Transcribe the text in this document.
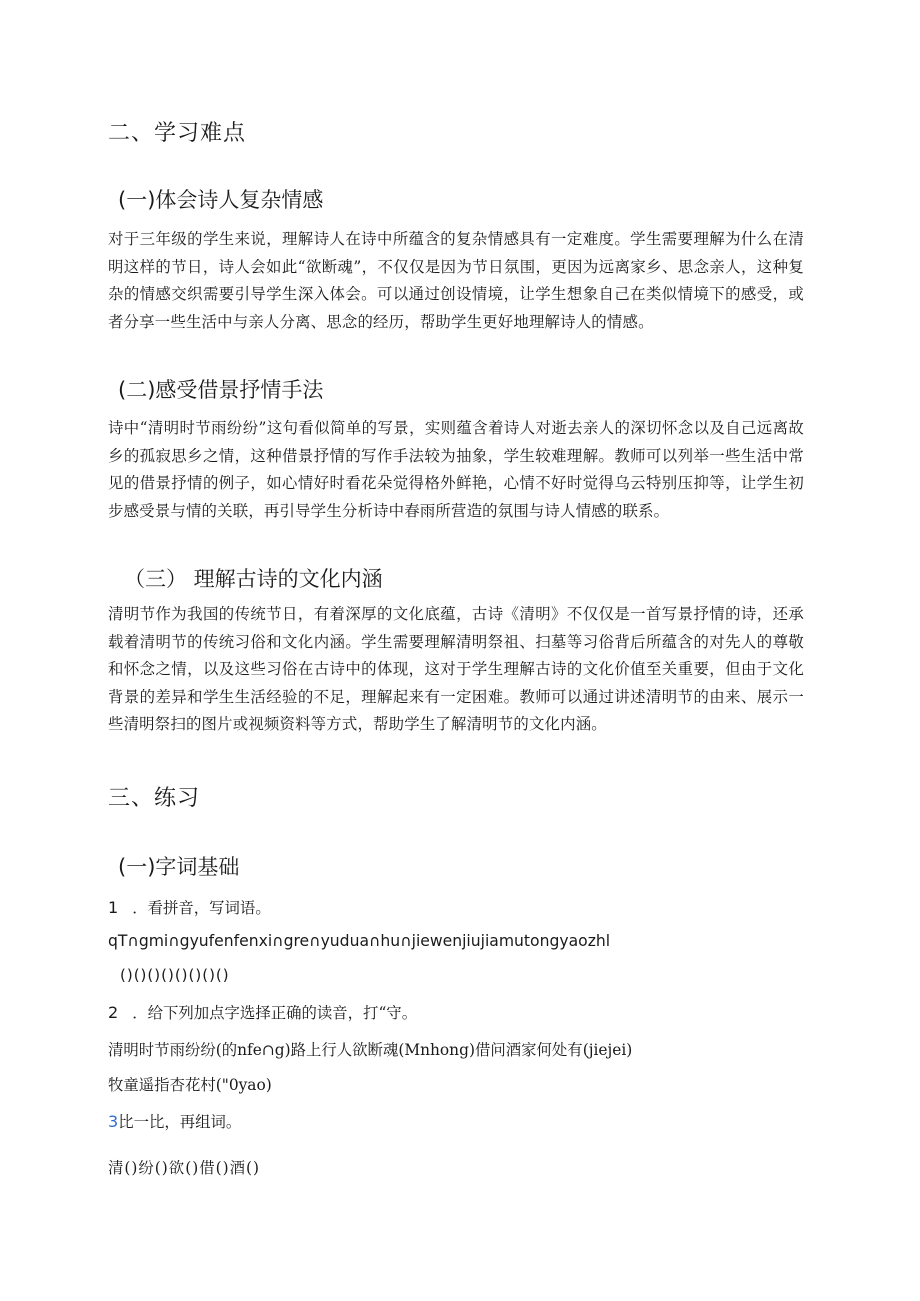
二、学习难点
(一)体会诗人复杂情感

对于三年级的学生来说，理解诗人在诗中所蕴含的复杂情感具有一定难度。学生需要理解为什么在清明这样的节日，诗人会如此“欲断魂”，不仅仅是因为节日氛围，更因为远离家乡、思念亲人，这种复杂的情感交织需要引导学生深入体会。可以通过创设情境，让学生想象自己在类似情境下的感受，或者分享一些生活中与亲人分离、思念的经历，帮助学生更好地理解诗人的情感。

(二)感受借景抒情手法

诗中“清明时节雨纷纷”这句看似简单的写景，实则蕴含着诗人对逝去亲人的深切怀念以及自己远离故乡的孤寂思乡之情，这种借景抒情的写作手法较为抽象，学生较难理解。教师可以列举一些生活中常见的借景抒情的例子，如心情好时看花朵觉得格外鲜艳，心情不好时觉得乌云特别压抑等，让学生初步感受景与情的关联，再引导学生分析诗中春雨所营造的氛围与诗人情感的联系。

（三） 理解古诗的文化内涵

清明节作为我国的传统节日，有着深厚的文化底蕴，古诗《清明》不仅仅是一首写景抒情的诗，还承载着清明节的传统习俗和文化内涵。学生需要理解清明祭祖、扫墓等习俗背后所蕴含的对先人的尊敬和怀念之情，以及这些习俗在古诗中的体现，这对于学生理解古诗的文化价值至关重要，但由于文化背景的差异和学生生活经验的不足，理解起来有一定困难。教师可以通过讲述清明节的由来、展示一些清明祭扫的图片或视频资料等方式，帮助学生了解清明节的文化内涵。

三、练习
(一)字词基础

1 ．看拼音，写词语。

qT∩gmi∩gyufenfenxi∩gre∩yudua∩hu∩jiewenjiujiamutongyaozhl

()()()()()()()()

2 ．给下列加点字选择正确的读音，打“守。

清明时节雨纷纷(的nfe∩g)路上行人欲断魂(Mnhong)借问酒家何处有(jiejei)

牧童遥指杏花村("0yao)

3比一比，再组词。

清()纷()欲()借()酒()
